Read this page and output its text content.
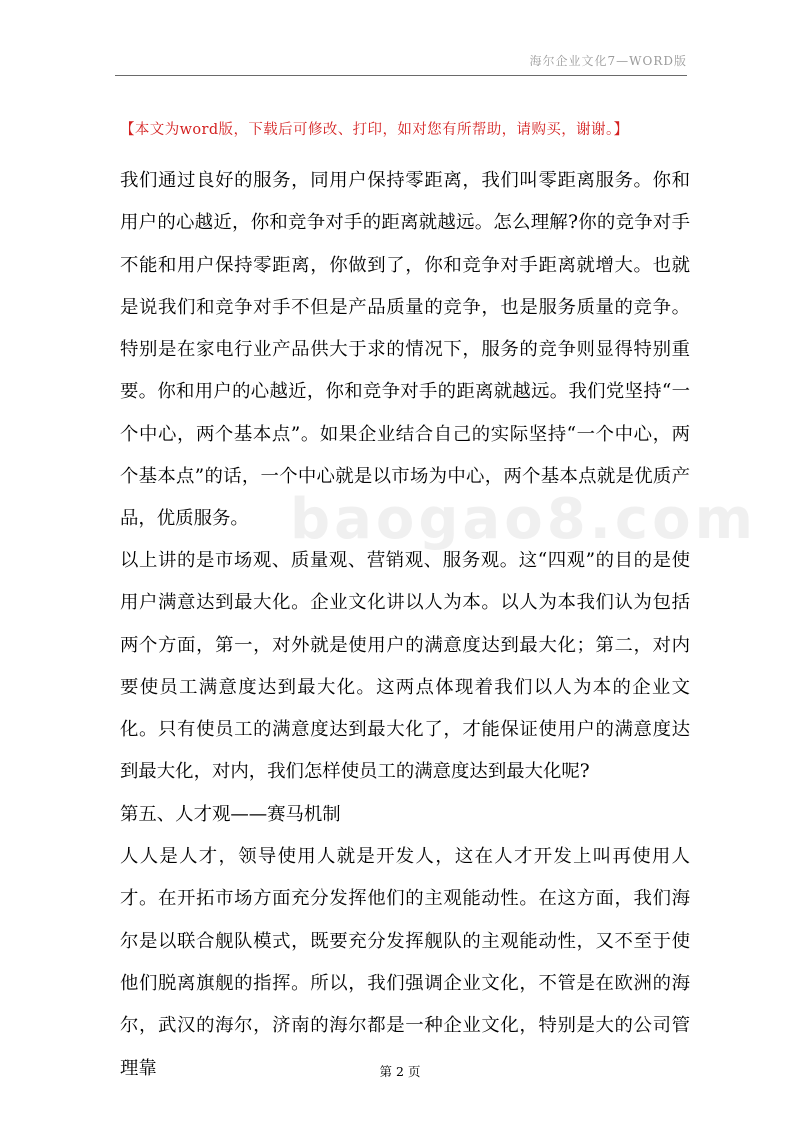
海尔企业文化7—WORD版
【本文为word版，下载后可修改、打印，如对您有所帮助，请购买，谢谢。】
baogao8.com

我们通过良好的服务，同用户保持零距离，我们叫零距离服务。你和用户的心越近，你和竞争对手的距离就越远。怎么理解?你的竞争对手不能和用户保持零距离，你做到了，你和竞争对手距离就增大。也就是说我们和竞争对手不但是产品质量的竞争，也是服务质量的竞争。特别是在家电行业产品供大于求的情况下，服务的竞争则显得特别重要。你和用户的心越近，你和竞争对手的距离就越远。我们党坚持“一个中心，两个基本点”。如果企业结合自己的实际坚持“一个中心，两个基本点”的话，一个中心就是以市场为中心，两个基本点就是优质产品，优质服务。

以上讲的是市场观、质量观、营销观、服务观。这“四观”的目的是使用户满意达到最大化。企业文化讲以人为本。以人为本我们认为包括两个方面，第一，对外就是使用户的满意度达到最大化；第二，对内要使员工满意度达到最大化。这两点体现着我们以人为本的企业文化。只有使员工的满意度达到最大化了，才能保证使用户的满意度达到最大化，对内，我们怎样使员工的满意度达到最大化呢?

第五、人才观——赛马机制

人人是人才，领导使用人就是开发人，这在人才开发上叫再使用人才。在开拓市场方面充分发挥他们的主观能动性。在这方面，我们海尔是以联合舰队模式，既要充分发挥舰队的主观能动性，又不至于使他们脱离旗舰的指挥。所以，我们强调企业文化，不管是在欧洲的海尔，武汉的海尔，济南的海尔都是一种企业文化，特别是大的公司管理靠	第 2 页
